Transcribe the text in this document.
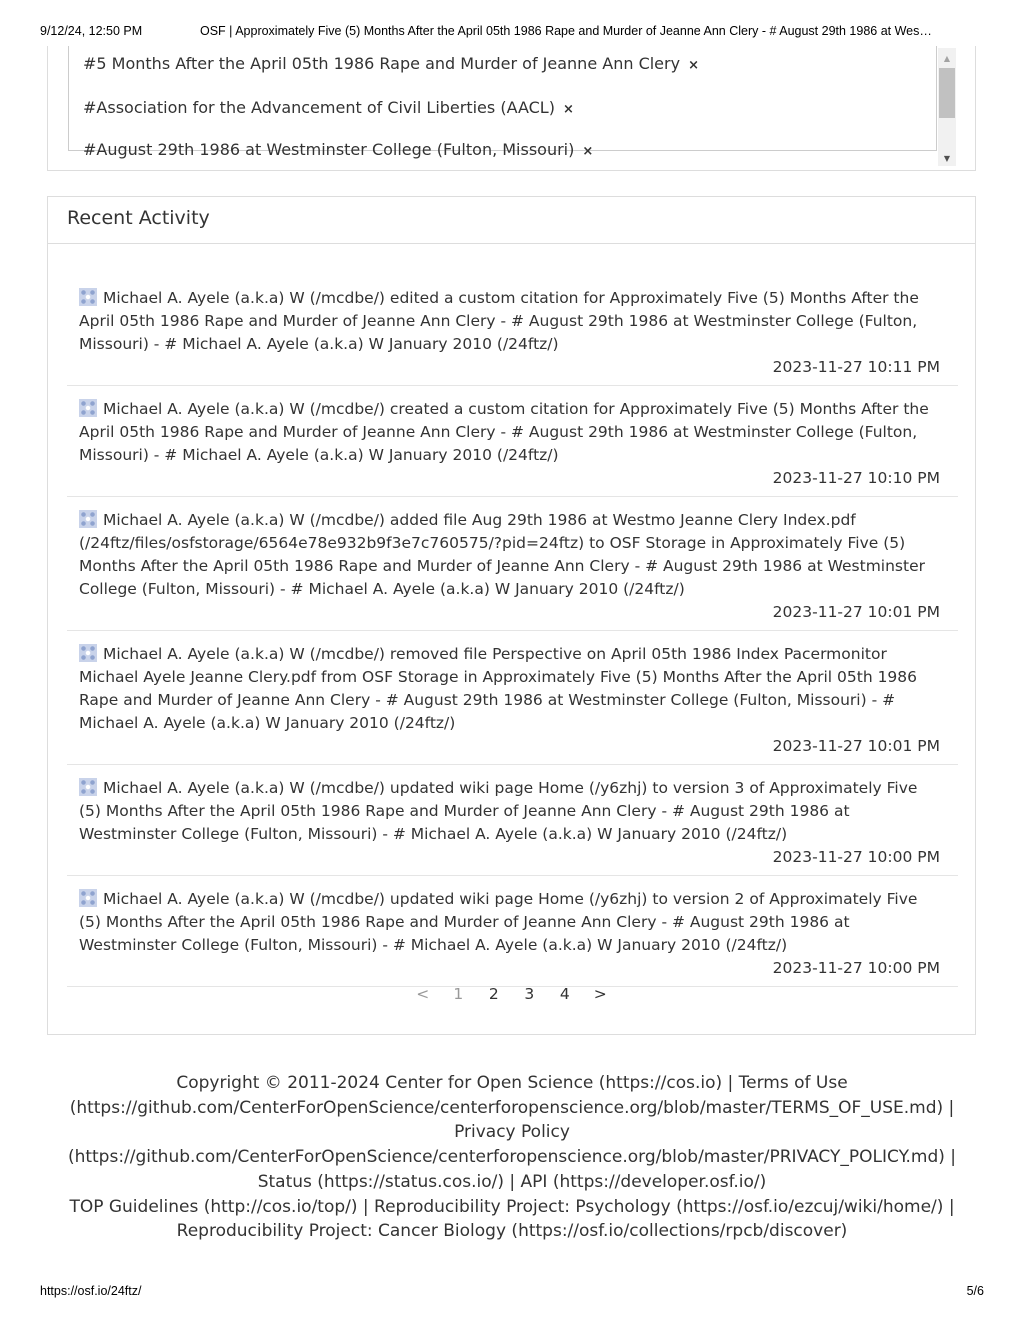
9/12/24, 12:50 PM	OSF | Approximately Five (5) Months After the April 05th 1986 Rape and Murder of Jeanne Ann Clery - # August 29th 1986 at Wes…
#5 Months After the April 05th 1986 Rape and Murder of Jeanne Ann Clery ×
#Association for the Advancement of Civil Liberties (AACL) ×
#August 29th 1986 at Westminster College (Fulton, Missouri) ×
▲
▼
Recent Activity
Michael A. Ayele (a.k.a) W (/mcdbe/) edited a custom citation for Approximately Five (5) Months After the April 05th 1986 Rape and Murder of Jeanne Ann Clery - # August 29th 1986 at Westminster College (Fulton, Missouri) - # Michael A. Ayele (a.k.a) W January 2010 (/24ftz/)
2023-11-27 10:11 PM
Michael A. Ayele (a.k.a) W (/mcdbe/) created a custom citation for Approximately Five (5) Months After the April 05th 1986 Rape and Murder of Jeanne Ann Clery - # August 29th 1986 at Westminster College (Fulton, Missouri) - # Michael A. Ayele (a.k.a) W January 2010 (/24ftz/)
2023-11-27 10:10 PM
Michael A. Ayele (a.k.a) W (/mcdbe/) added file Aug 29th 1986 at Westmo Jeanne Clery Index.pdf (/24ftz/files/osfstorage/6564e78e932b9f3e7c760575/?pid=24ftz) to OSF Storage in Approximately Five (5) Months After the April 05th 1986 Rape and Murder of Jeanne Ann Clery - # August 29th 1986 at Westminster College (Fulton, Missouri) - # Michael A. Ayele (a.k.a) W January 2010 (/24ftz/)
2023-11-27 10:01 PM
Michael A. Ayele (a.k.a) W (/mcdbe/) removed file Perspective on April 05th 1986 Index Pacermonitor Michael Ayele Jeanne Clery.pdf from OSF Storage in Approximately Five (5) Months After the April 05th 1986 Rape and Murder of Jeanne Ann Clery - # August 29th 1986 at Westminster College (Fulton, Missouri) - # Michael A. Ayele (a.k.a) W January 2010 (/24ftz/)
2023-11-27 10:01 PM
Michael A. Ayele (a.k.a) W (/mcdbe/) updated wiki page Home (/y6zhj) to version 3 of Approximately Five (5) Months After the April 05th 1986 Rape and Murder of Jeanne Ann Clery - # August 29th 1986 at Westminster College (Fulton, Missouri) - # Michael A. Ayele (a.k.a) W January 2010 (/24ftz/)
2023-11-27 10:00 PM
Michael A. Ayele (a.k.a) W (/mcdbe/) updated wiki page Home (/y6zhj) to version 2 of Approximately Five (5) Months After the April 05th 1986 Rape and Murder of Jeanne Ann Clery - # August 29th 1986 at Westminster College (Fulton, Missouri) - # Michael A. Ayele (a.k.a) W January 2010 (/24ftz/)
2023-11-27 10:00 PM
<	1	2	3	4	>
Copyright © 2011-2024 Center for Open Science (https://cos.io) | Terms of Use
(https://github.com/CenterForOpenScience/centerforopenscience.org/blob/master/TERMS_OF_USE.md) |
Privacy Policy
(https://github.com/CenterForOpenScience/centerforopenscience.org/blob/master/PRIVACY_POLICY.md) |
Status (https://status.cos.io/) | API (https://developer.osf.io/)
TOP Guidelines (http://cos.io/top/) | Reproducibility Project: Psychology (https://osf.io/ezcuj/wiki/home/) |
Reproducibility Project: Cancer Biology (https://osf.io/collections/rpcb/discover)
https://osf.io/24ftz/	5/6
